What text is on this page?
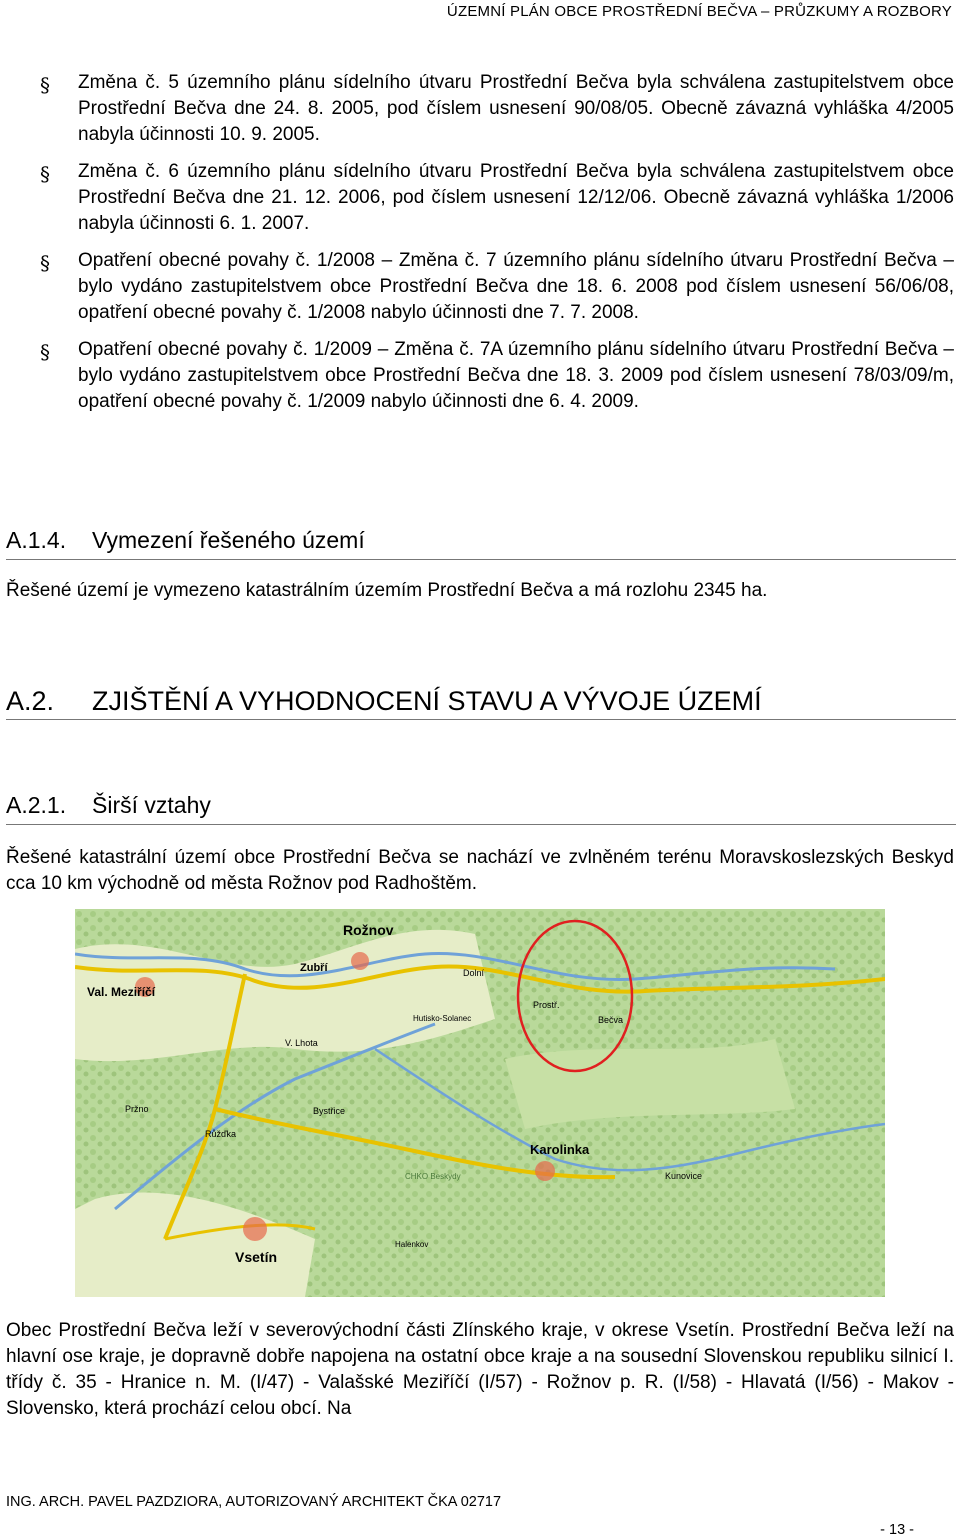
ÚZEMNÍ PLÁN OBCE PROSTŘEDNÍ BEČVA – PRŮZKUMY A ROZBORY
§ Změna č. 5 územního plánu sídelního útvaru Prostřední Bečva byla schválena zastupitelstvem obce Prostřední Bečva dne 24. 8. 2005, pod číslem usnesení 90/08/05. Obecně závazná vyhláška 4/2005 nabyla účinnosti 10. 9. 2005.
§ Změna č. 6 územního plánu sídelního útvaru Prostřední Bečva byla schválena zastupitelstvem obce Prostřední Bečva dne 21. 12. 2006, pod číslem usnesení 12/12/06. Obecně závazná vyhláška 1/2006 nabyla účinnosti 6. 1. 2007.
§ Opatření obecné povahy č. 1/2008 – Změna č. 7 územního plánu sídelního útvaru Prostřední Bečva – bylo vydáno zastupitelstvem obce Prostřední Bečva dne 18. 6. 2008 pod číslem usnesení 56/06/08, opatření obecné povahy č. 1/2008 nabylo účinnosti dne 7. 7. 2008.
§ Opatření obecné povahy č. 1/2009 – Změna č. 7A územního plánu sídelního útvaru Prostřední Bečva – bylo vydáno zastupitelstvem obce Prostřední Bečva dne 18. 3. 2009 pod číslem usnesení 78/03/09/m, opatření obecné povahy č. 1/2009 nabylo účinnosti dne 6. 4. 2009.
A.1.4. Vymezení řešeného území
Řešené území je vymezeno katastrálním územím Prostřední Bečva a má rozlohu 2345 ha.
A.2. ZJIŠTĚNÍ A VYHODNOCENÍ STAVU A VÝVOJE ÚZEMÍ
A.2.1. Širší vztahy
Řešené katastrální území obce Prostřední Bečva se nachází ve zvlněném terénu Moravskoslezských Beskyd cca 10 km východně od města Rožnov pod Radhoštěm.
Val. Meziříčí
Rožnov
Zubří	Dolní
Prostř.
Bečva
Hutisko-Solanec
V. Lhota
Bystřice
Pržno
Růžďka
Karolinka
Kunovice
Vsetín
Halenkov
CHKO Beskydy
Obec Prostřední Bečva leží v severovýchodní části Zlínského kraje, v okrese Vsetín. Prostřední Bečva leží na hlavní ose kraje, je dopravně dobře napojena na ostatní obce kraje a na sousední Slovenskou republiku silnicí I. třídy č. 35 - Hranice n. M. (I/47) - Valašské Meziříčí (I/57) - Rožnov p. R. (I/58) - Hlavatá (I/56) - Makov - Slovensko, která prochází celou obcí. Na
ING. ARCH. PAVEL PAZDZIORA, AUTORIZOVANÝ ARCHITEKT ČKA 02717
- 13 -
